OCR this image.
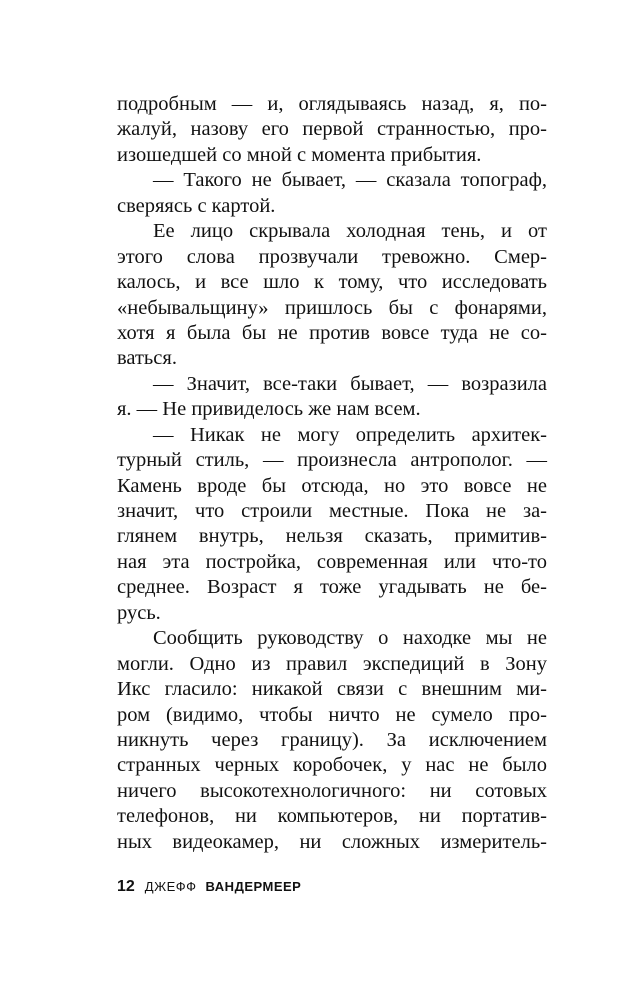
подробным — и, оглядываясь назад, я, по-
жалуй, назову его первой странностью, про-
изошедшей со мной с момента прибытия.
— Такого не бывает, — сказала топограф,
сверяясь с картой.
Ее лицо скрывала холодная тень, и от
этого слова прозвучали тревожно. Смер-
калось, и все шло к тому, что исследовать
«небывальщину» пришлось бы с фонарями,
хотя я была бы не против вовсе туда не со-
ваться.
— Значит, все-таки бывает, — возразила
я. — Не привиделось же нам всем.
— Никак не могу определить архитек-
турный стиль, — произнесла антрополог. —
Камень вроде бы отсюда, но это вовсе не
значит, что строили местные. Пока не за-
глянем внутрь, нельзя сказать, примитив-
ная эта постройка, современная или что-то
среднее. Возраст я тоже угадывать не бе-
русь.
Сообщить руководству о находке мы не
могли. Одно из правил экспедиций в Зону
Икс гласило: никакой связи с внешним ми-
ром (видимо, чтобы ничто не сумело про-
никнуть через границу). За исключением
странных черных коробочек, у нас не было
ничего высокотехнологичного: ни сотовых
телефонов, ни компьютеров, ни портатив-
ных видеокамер, ни сложных измеритель-
12 ДЖЕФФ ВАНДЕРМЕЕР
